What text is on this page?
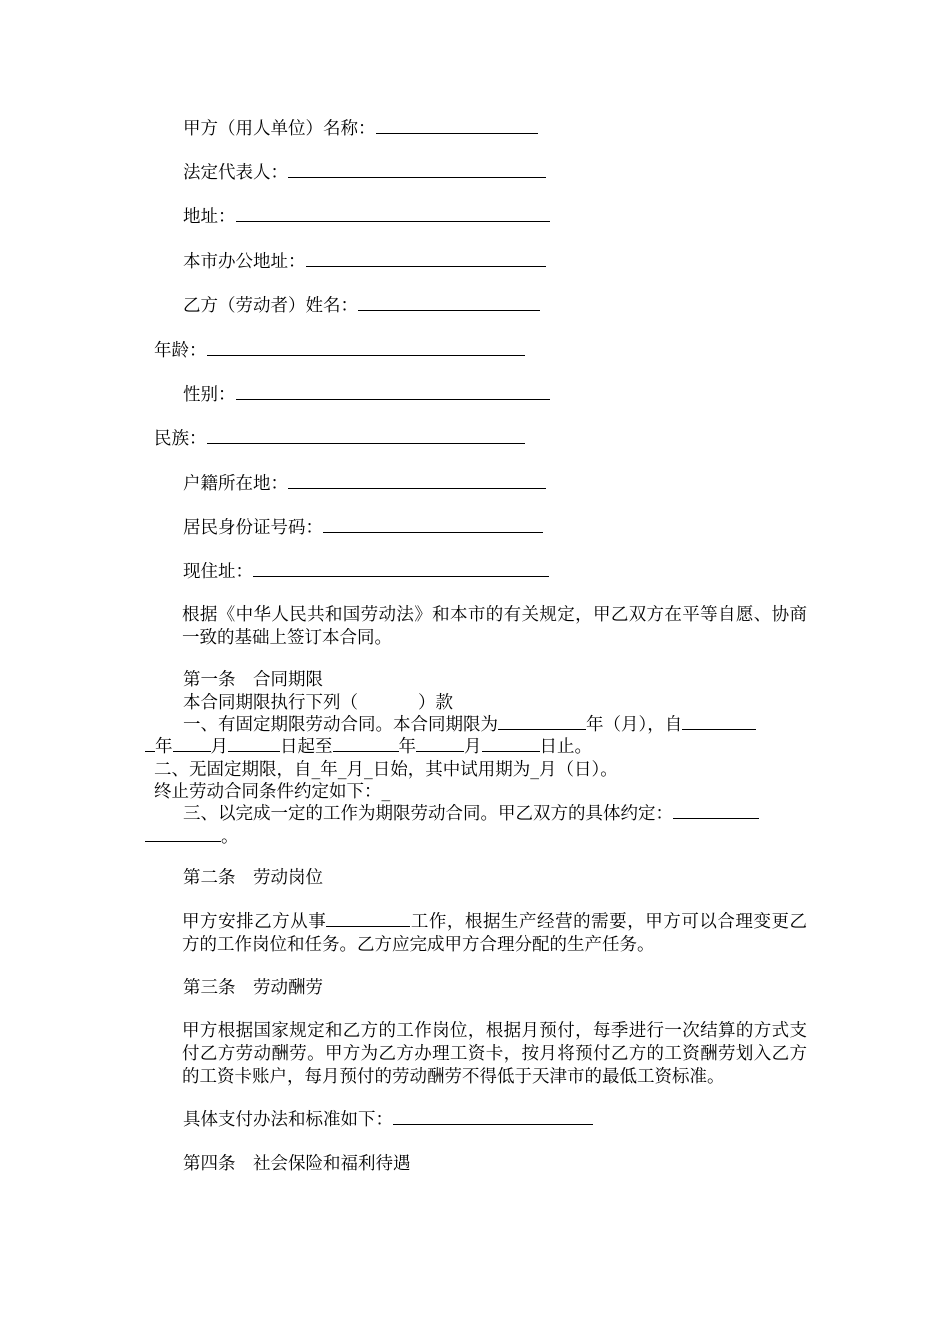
甲方（用人单位）名称：
法定代表人：
地址：
本市办公地址：
乙方（劳动者）姓名：
年龄：
性别：
民族：
户籍所在地：
居民身份证号码：
现住址：
根据《中华人民共和国劳动法》和本市的有关规定，甲乙双方在平等自愿、协商一致的基础上签订本合同。
第一条　合同期限
本合同期限执行下列（	）款
一、有固定期限劳动合同。本合同期限为	年（月），自
年 月	日起至	年	月	日止。
二、无固定期限，自_年_月_日始，其中试用期为_月（日）。
终止劳动合同条件约定如下：_
三、以完成一定的工作为期限劳动合同。甲乙双方的具体约定：
。
第二条　劳动岗位
甲方安排乙方从事	工作，根据生产经营的需要，甲方可以合理变更乙方的工作岗位和任务。乙方应完成甲方合理分配的生产任务。
第三条　劳动酬劳
甲方根据国家规定和乙方的工作岗位，根据月预付，每季进行一次结算的方式支付乙方劳动酬劳。甲方为乙方办理工资卡，按月将预付乙方的工资酬劳划入乙方的工资卡账户，每月预付的劳动酬劳不得低于天津市的最低工资标准。
具体支付办法和标准如下：
第四条　社会保险和福利待遇
